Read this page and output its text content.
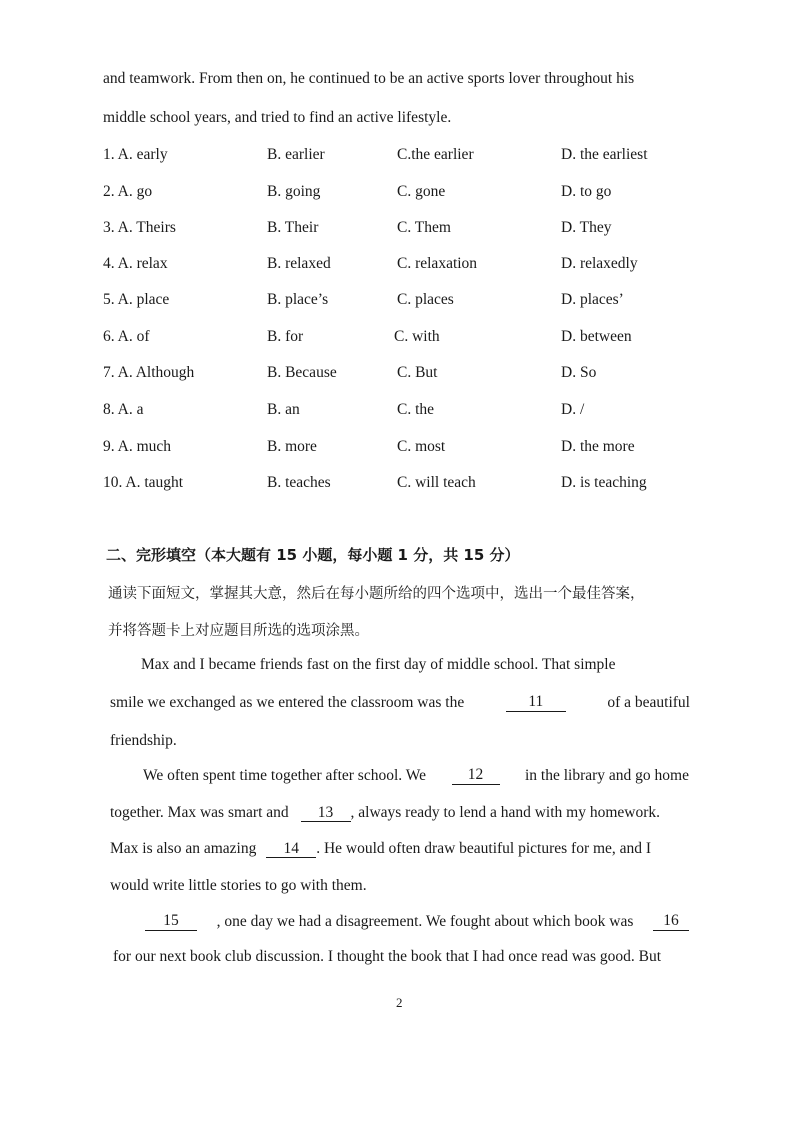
and teamwork. From then on, he continued to be an active sports lover throughout his
middle school years, and tried to find an active lifestyle.
1. A. early	B. earlier	C.the earlier	D. the earliest
2. A. go	B. going	C. gone	D. to go
3. A. Theirs	B. Their	C. Them	D. They
4. A. relax	B. relaxed	C. relaxation	D. relaxedly
5. A. place	B. place’s	C. places	D. places’
6. A. of	B. for	C. with	D. between
7. A. Although	B. Because	C. But	D. So
8. A. a	B. an	C. the	D. /
9. A. much	B. more	C. most	D. the more
10. A. taught	B. teaches	C. will teach	D. is teaching
二、完形填空（本大题有 15 小题，每小题 1 分，共 15 分）
通读下面短文，掌握其大意，然后在每小题所给的四个选项中，选出一个最佳答案，
并将答题卡上对应题目所选的选项涂黑。
Max and I became friends fast on the first day of middle school. That simple
smile we exchanged as we entered the classroom was the	11	of a beautiful
friendship.
We often spent time together after school. We	12	in the library and go home
together. Max was smart and 13 , always ready to lend a hand with my homework.
Max is also an amazing 14 . He would often draw beautiful pictures for me, and I
would write little stories to go with them.
15	, one day we had a disagreement. We fought about which book was	16
for our next book club discussion. I thought the book that I had once read was good. But
2
